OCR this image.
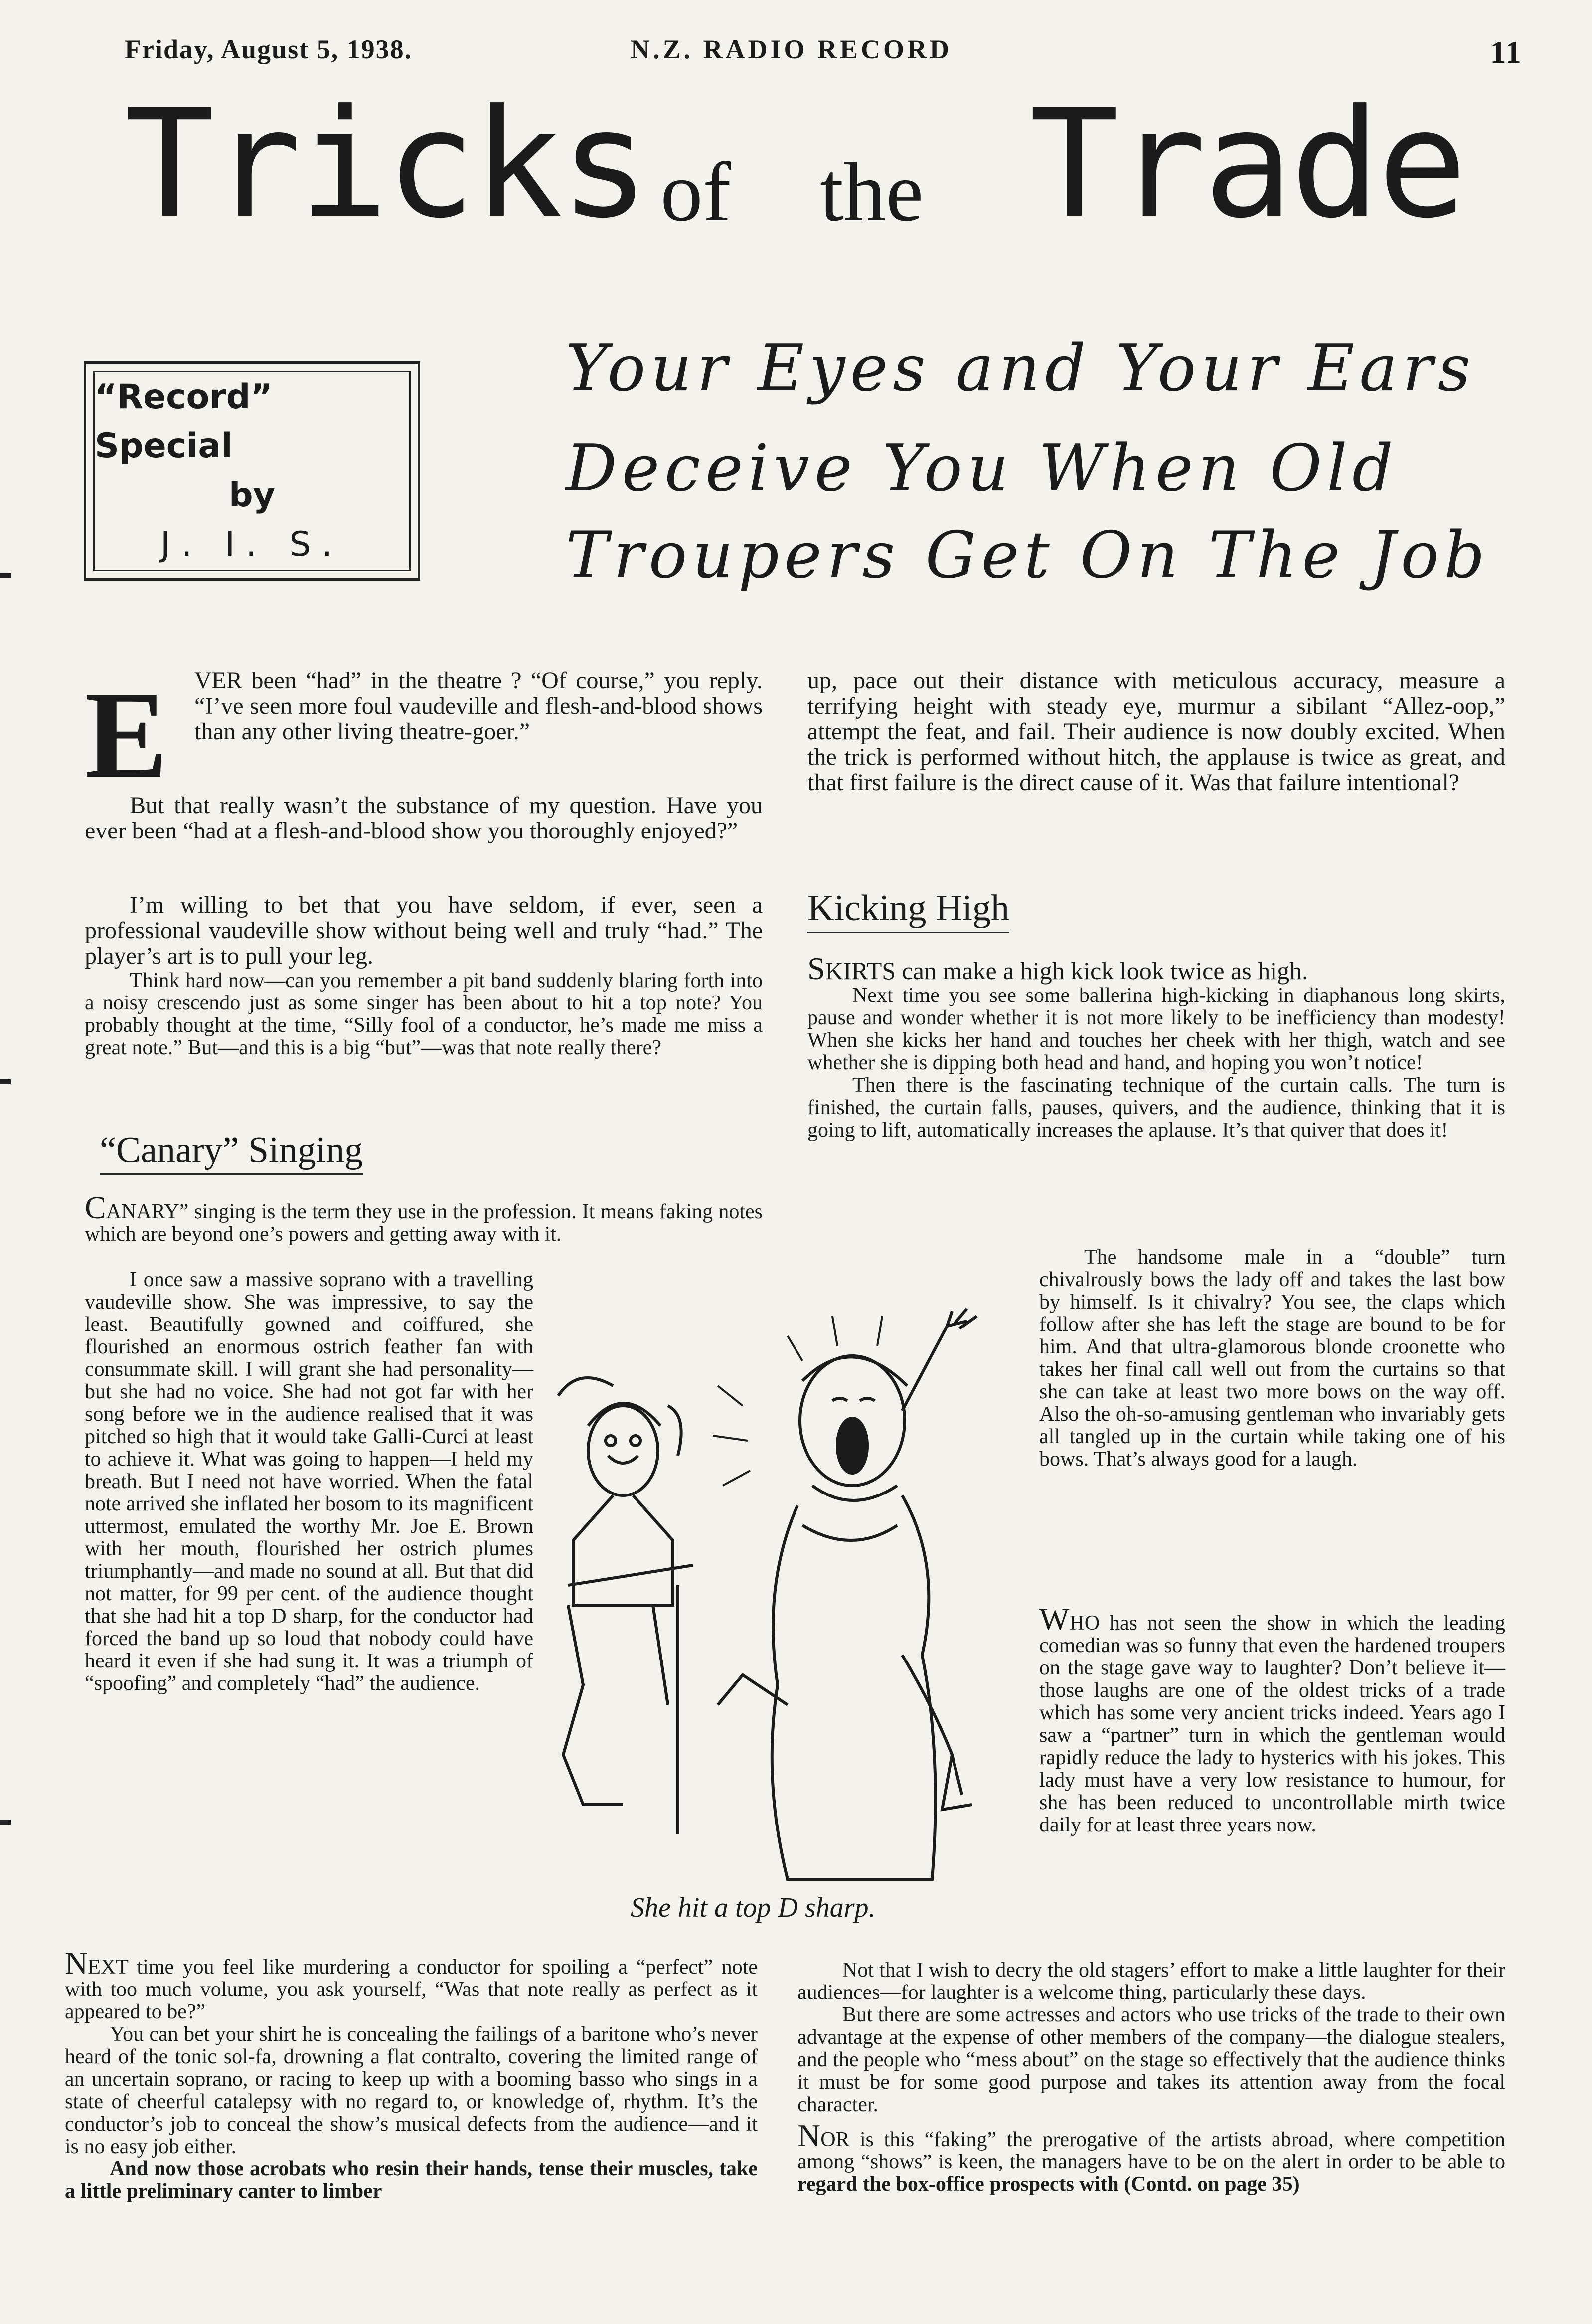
Friday, August 5, 1938.	N.Z. RADIO RECORD	11
Tricks of the Trade
“Record” Special
by
J. I. S.
Your Eyes and Your Ears
Deceive You When Old
Troupers Get On The Job
E VER been “had” in the theatre ? “Of course,” you reply. “I’ve seen more foul vaudeville and flesh-and-blood shows than any other living theatre-goer.”

But that really wasn’t the substance of my question. Have you ever been “had at a flesh-and-blood show you thoroughly enjoyed?”

I’m willing to bet that you have seldom, if ever, seen a professional vaudeville show without being well and truly “had.” The player’s art is to pull your leg.

Think hard now—can you remember a pit band suddenly blaring forth into a noisy crescendo just as some singer has been about to hit a top note? You probably thought at the time, “Silly fool of a conductor, he’s made me miss a great note.” But—and this is a big “but”—was that note really there?

“Canary” Singing

CANARY” singing is the term they use in the profession. It means faking notes which are beyond one’s powers and getting away with it.

I once saw a massive soprano with a travelling vaudeville show. She was impressive, to say the least. Beautifully gowned and coiffured, she flourished an enormous ostrich feather fan with consummate skill. I will grant she had personality—but she had no voice. She had not got far with her song before we in the audience realised that it was pitched so high that it would take Galli-Curci at least to achieve it. What was going to happen—I held my breath. But I need not have worried. When the fatal note arrived she inflated her bosom to its magnificent uttermost, emulated the worthy Mr. Joe E. Brown with her mouth, flourished her ostrich plumes triumphantly—and made no sound at all. But that did not matter, for 99 per cent. of the audience thought that she had hit a top D sharp, for the conductor had forced the band up so loud that nobody could have heard it even if she had sung it. It was a triumph of “spoofing” and completely “had” the audience.

NEXT time you feel like murdering a conductor for spoiling a “perfect” note with too much volume, you ask yourself, “Was that note really as perfect as it appeared to be?”

You can bet your shirt he is concealing the failings of a baritone who’s never heard of the tonic sol-fa, drowning a flat contralto, covering the limited range of an uncertain soprano, or racing to keep up with a booming basso who sings in a state of cheerful catalepsy with no regard to, or knowledge of, rhythm. It’s the conductor’s job to conceal the show’s musical defects from the audience—and it is no easy job either.

And now those acrobats who resin their hands, tense their muscles, take a little preliminary canter to limber

up, pace out their distance with meticulous accuracy, measure a terrifying height with steady eye, murmur a sibilant “Allez-oop,” attempt the feat, and fail. Their audience is now doubly excited. When the trick is performed without hitch, the applause is twice as great, and that first failure is the direct cause of it. Was that failure intentional?

Kicking High

SKIRTS can make a high kick look twice as high.

Next time you see some ballerina high-kicking in diaphanous long skirts, pause and wonder whether it is not more likely to be inefficiency than modesty! When she kicks her hand and touches her cheek with her thigh, watch and see whether she is dipping both head and hand, and hoping you won’t notice!

Then there is the fascinating technique of the curtain calls. The turn is finished, the curtain falls, pauses, quivers, and the audience, thinking that it is going to lift, automatically increases the aplause. It’s that quiver that does it!

The handsome male in a “double” turn chivalrously bows the lady off and takes the last bow by himself. Is it chivalry? You see, the claps which follow after she has left the stage are bound to be for him. And that ultra-glamorous blonde croonette who takes her final call well out from the curtains so that she can take at least two more bows on the way off. Also the oh-so-amusing gentleman who invariably gets all tangled up in the curtain while taking one of his bows. That’s always good for a laugh.

WHO has not seen the show in which the leading comedian was so funny that even the hardened troupers on the stage gave way to laughter? Don’t believe it—those laughs are one of the oldest tricks of a trade which has some very ancient tricks indeed. Years ago I saw a “partner” turn in which the gentleman would rapidly reduce the lady to hysterics with his jokes. This lady must have a very low resistance to humour, for she has been reduced to uncontrollable mirth twice daily for at least three years now.

Not that I wish to decry the old stagers’ effort to make a little laughter for their audiences—for laughter is a welcome thing, particularly these days.

But there are some actresses and actors who use tricks of the trade to their own advantage at the expense of other members of the company—the dialogue stealers, and the people who “mess about” on the stage so effectively that the audience thinks it must be for some good purpose and takes its attention away from the focal character.

NOR is this “faking” the prerogative of the artists abroad, where competition among “shows” is keen, the managers have to be on the alert in order to be able to regard the box-office prospects with (Contd. on page 35)

She hit a top D sharp.
